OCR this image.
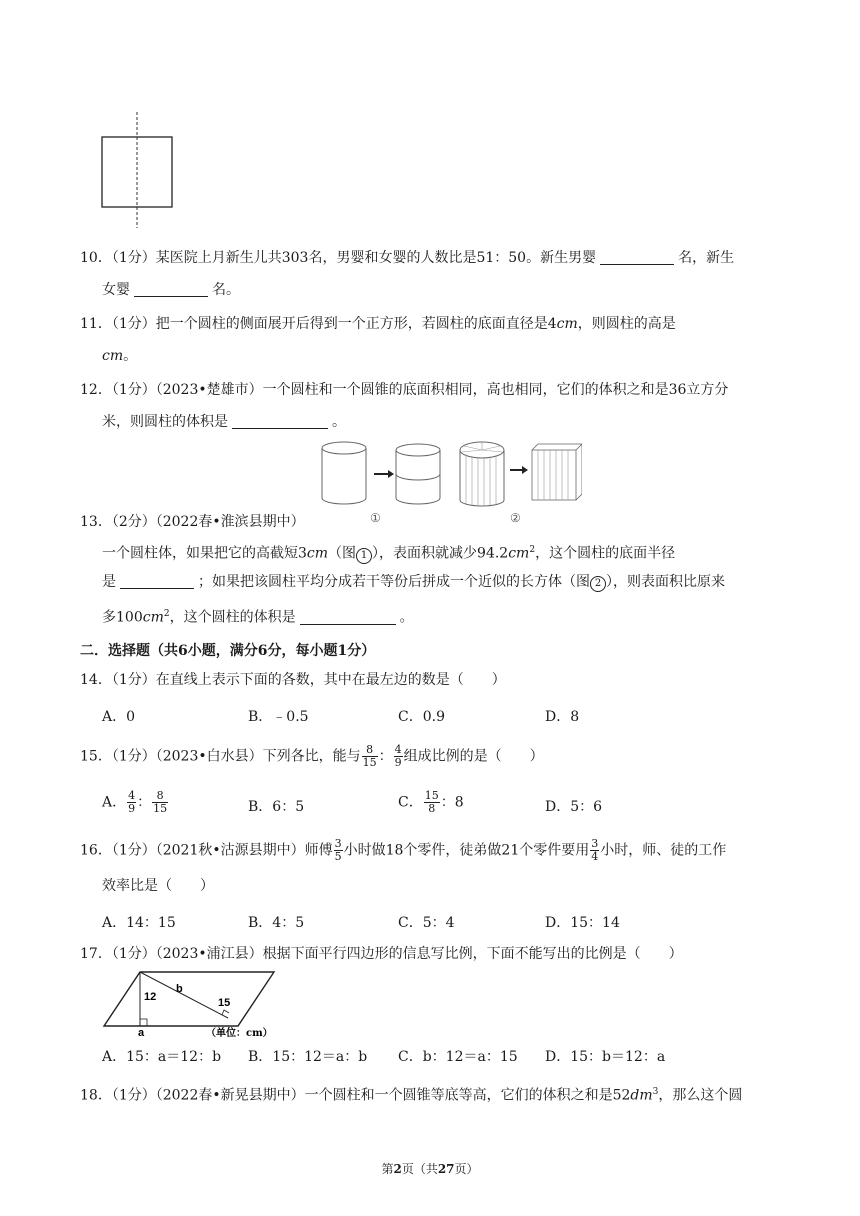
10．（1分）某医院上月新生儿共303名，男婴和女婴的人数比是51：50。新生男婴	名，新生
女婴	名。
11．（1分）把一个圆柱的侧面展开后得到一个正方形，若圆柱的底面直径是4cm，则圆柱的高是
cm。
12．（1分）（2023•楚雄市）一个圆柱和一个圆锥的底面积相同，高也相同，它们的体积之和是36立方分
米，则圆柱的体积是	。
①	②
13．（2分）（2022春•淮滨县期中）
一个圆柱体，如果把它的高截短3cm（图 1 ），表面积就减少$94.2cm^2$，这个圆柱的底面半径
是	；如果把该圆柱平均分成若干等份后拼成一个近似的长方体（图 2 ），则表面积比原来
多$100cm^2$，这个圆柱的体积是	。
二．选择题（共6小题，满分6分，每小题1分）
14．（1分）在直线上表示下面的各数，其中在最左边的数是（　　）
A．0	B．﹣0.5	C．0.9	D．8
15．（1分）（2023•白水县）下列各比，能与 $\frac{8}{15}$ ： $\frac{4}{9}$ 组成比例的是（　　）
A． $\frac{4}{9}$ ： $\frac{8}{15}$	B．6：5	C． $\frac{15}{8}$ ：8	D．5：6
16．（1分）（2021秋•沽源县期中）师傅 $\frac{3}{5}$ 小时做18个零件，徒弟做21个零件要用 $\frac{3}{4}$ 小时，师、徒的工作
效率比是（　　）
A．14：15	B．4：5	C．5：4	D．15：14
17．（1分）（2023•浦江县）根据下面平行四边形的信息写比例，下面不能写出的比例是（　　）
12
b
15
a	（单位：cm）
A．15：a＝12：b B．15：12＝a：b C．b：12＝a：15 D．15：b＝12：a
18．（1分）（2022春•新晃县期中）一个圆柱和一个圆锥等底等高，它们的体积之和是$52dm^3$，那么这个圆
第2页（共27页）
